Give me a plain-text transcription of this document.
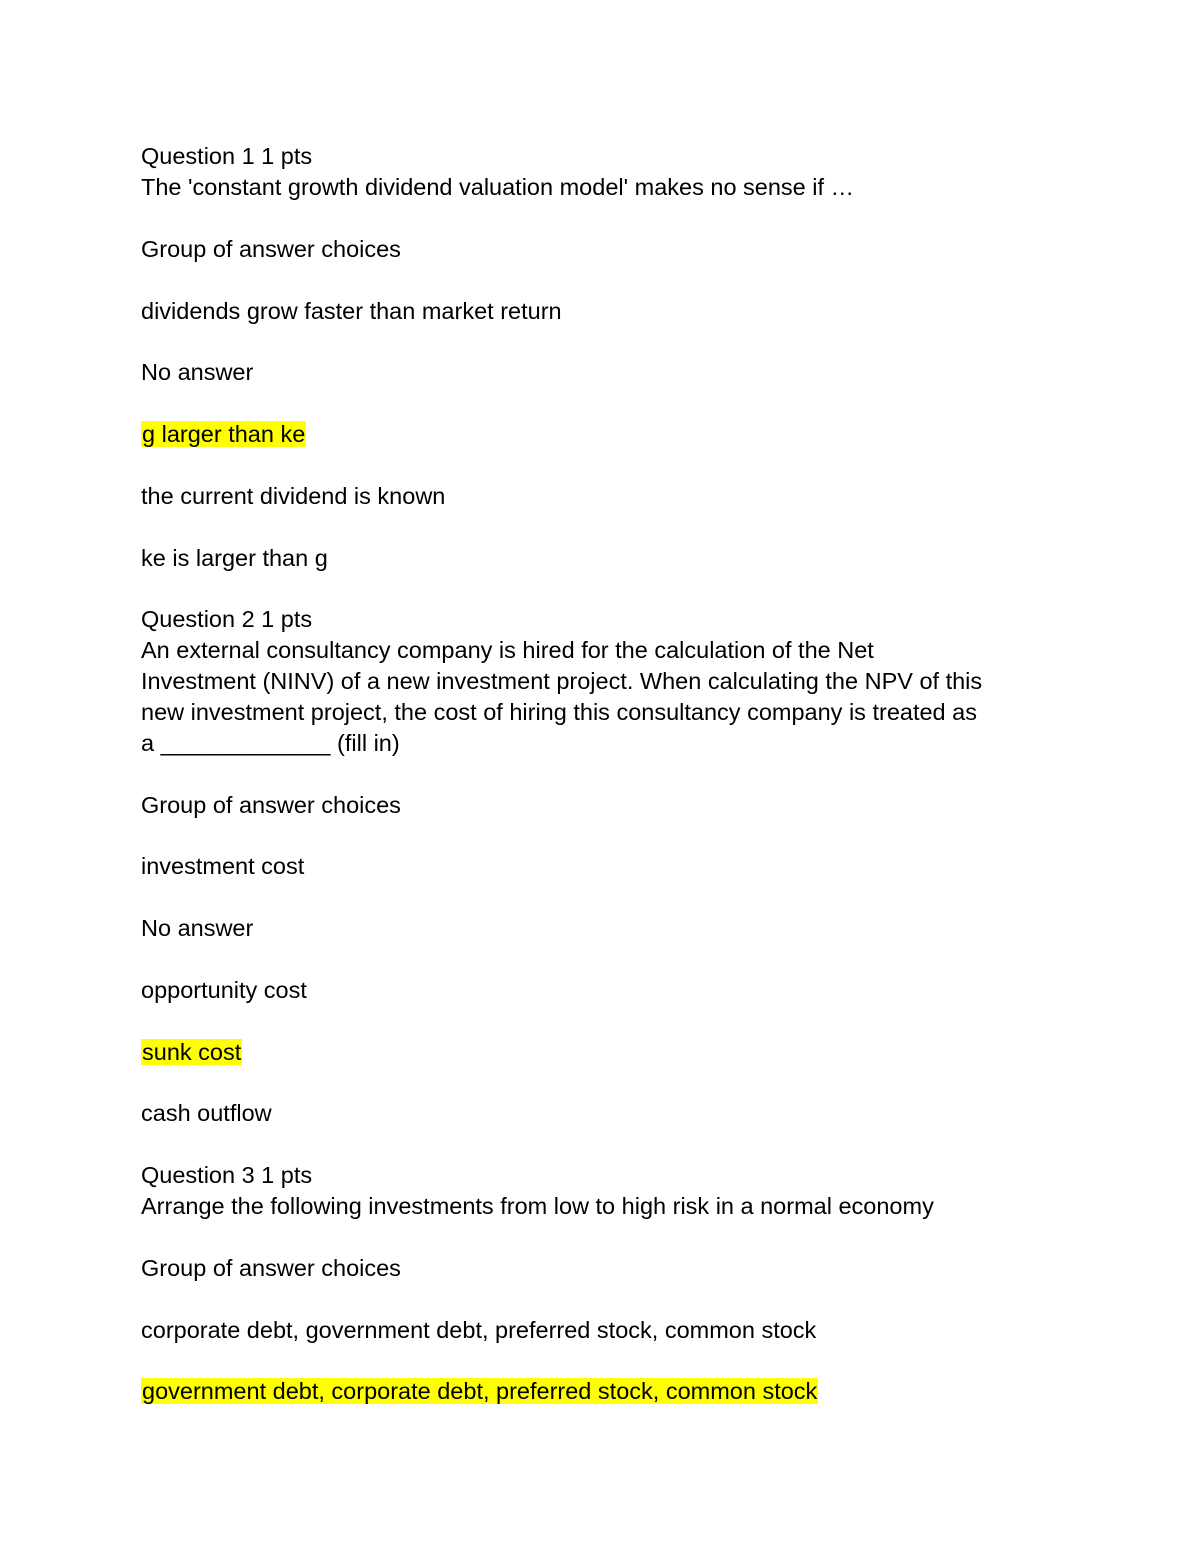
Question 1 1 pts

The 'constant growth dividend valuation model' makes no sense if …

Group of answer choices

dividends grow faster than market return

No answer

g larger than ke

the current dividend is known

ke is larger than g

Question 2 1 pts

An external consultancy company is hired for the calculation of the Net

Investment (NINV) of a new investment project. When calculating the NPV of this

new investment project, the cost of hiring this consultancy company is treated as

a _____________ (fill in)

Group of answer choices

investment cost

No answer

opportunity cost

sunk cost

cash outflow

Question 3 1 pts

Arrange the following investments from low to high risk in a normal economy

Group of answer choices

corporate debt, government debt, preferred stock, common stock

government debt, corporate debt, preferred stock, common stock
